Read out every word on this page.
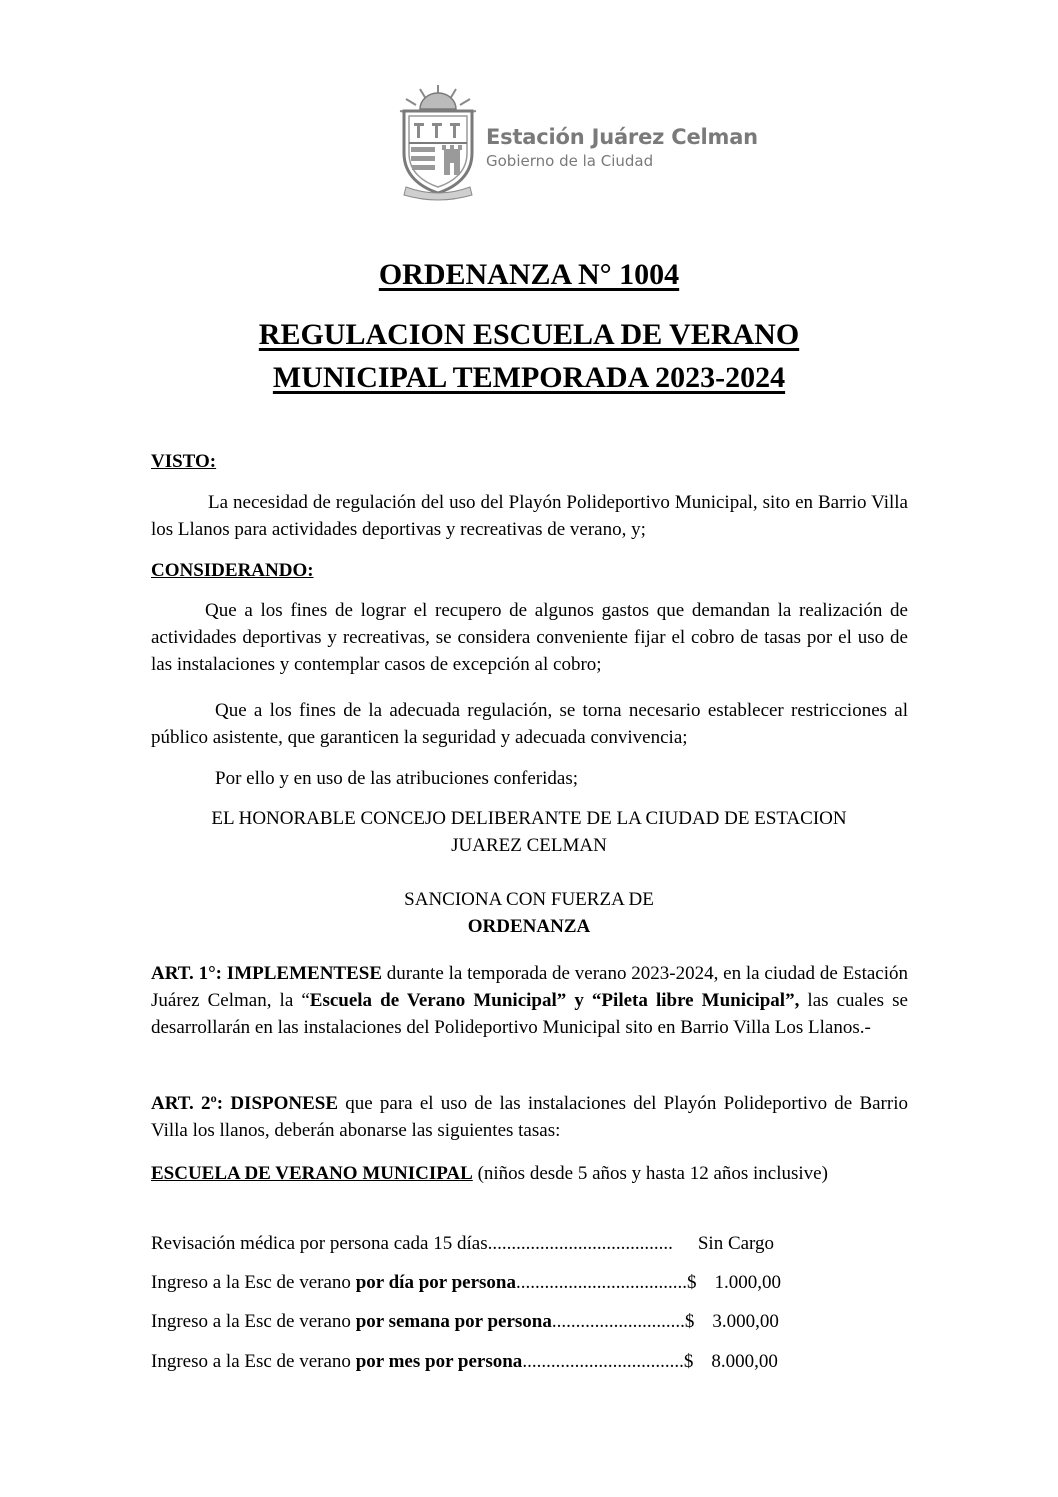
Estación Juárez Celman
Gobierno de la Ciudad
ORDENANZA N° 1004
REGULACION ESCUELA DE VERANO
MUNICIPAL TEMPORADA 2023-2024
VISTO:
La necesidad de regulación del uso del Playón Polideportivo Municipal, sito en Barrio Villa los Llanos para actividades deportivas y recreativas de verano, y;
CONSIDERANDO:
Que a los fines de lograr el recupero de algunos gastos que demandan la realización de actividades deportivas y recreativas, se considera conveniente fijar el cobro de tasas por el uso de las instalaciones y contemplar casos de excepción al cobro;
Que a los fines de la adecuada regulación, se torna necesario establecer restricciones al público asistente, que garanticen la seguridad y adecuada convivencia;
Por ello y en uso de las atribuciones conferidas;
EL HONORABLE CONCEJO DELIBERANTE DE LA CIUDAD DE ESTACION
JUAREZ CELMAN
SANCIONA CON FUERZA DE
ORDENANZA
ART. 1°: IMPLEMENTESE durante la temporada de verano 2023-2024, en la ciudad de Estación Juárez Celman, la “Escuela de Verano Municipal” y “Pileta libre Municipal”, las cuales se desarrollarán en las instalaciones del Polideportivo Municipal sito en Barrio Villa Los Llanos.-
ART. 2º: DISPONESE que para el uso de las instalaciones del Playón Polideportivo de Barrio Villa los llanos, deberán abonarse las siguientes tasas:
ESCUELA DE VERANO MUNICIPAL (niños desde 5 años y hasta 12 años inclusive)
Revisación médica por persona cada 15 días....................................... Sin Cargo
Ingreso a la Esc de verano por día por persona....................................$ 1.000,00
Ingreso a la Esc de verano por semana por persona............................$ 3.000,00
Ingreso a la Esc de verano por mes por persona..................................$ 8.000,00
